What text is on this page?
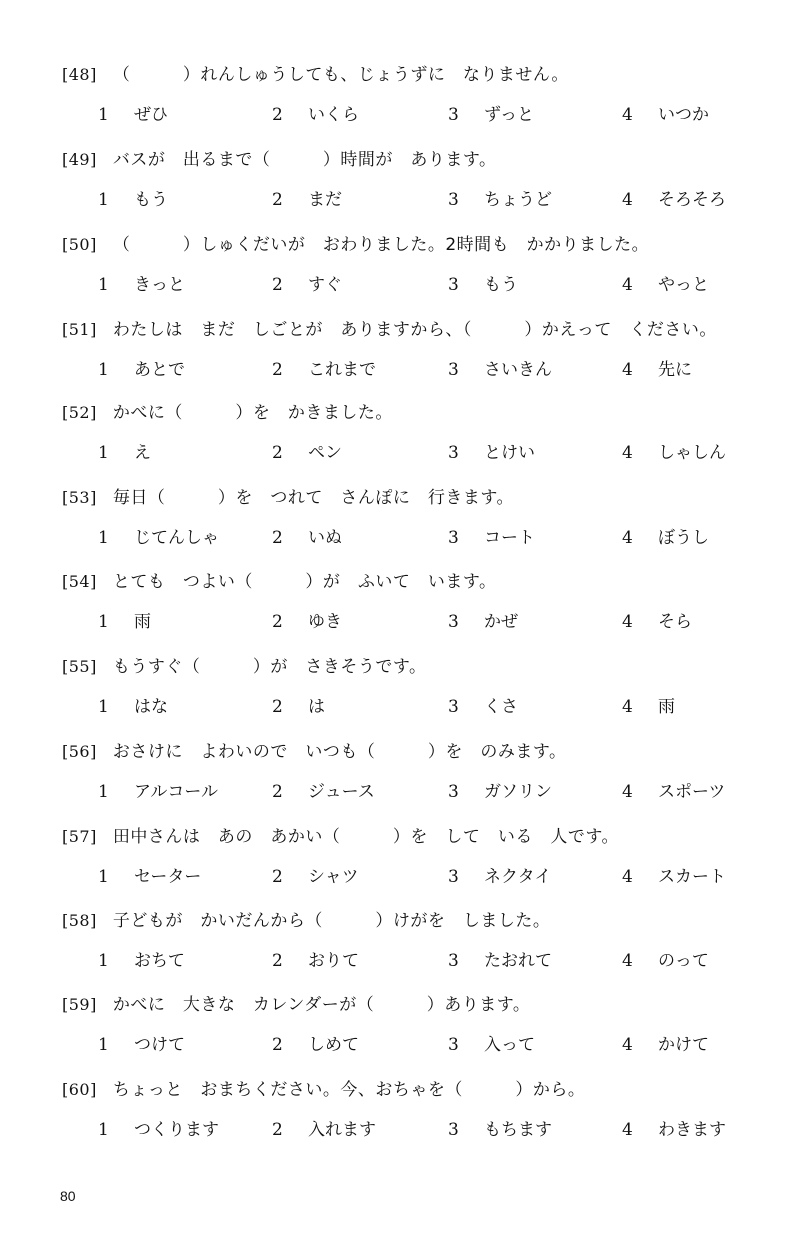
[48] （　　　）れんしゅうしても、じょうずに　なりません。
1 ぜひ	2 いくら	3 ずっと	4 いつか
[49] バスが　出るまで（　　　）時間が　あります。
1 もう	2 まだ	3 ちょうど	4 そろそろ
[50] （　　　）しゅくだいが　おわりました。2時間も　かかりました。
1 きっと	2 すぐ	3 もう	4 やっと
[51] わたしは　まだ　しごとが　ありますから、（　　　）かえって　ください。
1 あとで	2 これまで	3 さいきん	4 先に
[52] かべに（　　　）を　かきました。
1 え	2 ペン	3 とけい	4 しゃしん
[53] 毎日（　　　）を　つれて　さんぽに　行きます。
1 じてんしゃ	2 いぬ	3 コート	4 ぼうし
[54] とても　つよい（　　　）が　ふいて　います。
1 雨	2 ゆき	3 かぜ	4 そら
[55] もうすぐ（　　　）が　さきそうです。
1 はな	2 は	3 くさ	4 雨
[56] おさけに　よわいので　いつも（　　　）を　のみます。
1 アルコール	2 ジュース	3 ガソリン	4 スポーツ
[57] 田中さんは　あの　あかい（　　　）を　して　いる　人です。
1 セーター	2 シャツ	3 ネクタイ	4 スカート
[58] 子どもが　かいだんから（　　　）けがを　しました。
1 おちて	2 おりて	3 たおれて	4 のって
[59] かべに　大きな　カレンダーが（　　　）あります。
1 つけて	2 しめて	3 入って	4 かけて
[60] ちょっと　おまちください。今、おちゃを（　　　）から。
1 つくります	2 入れます	3 もちます	4 わきます
80
